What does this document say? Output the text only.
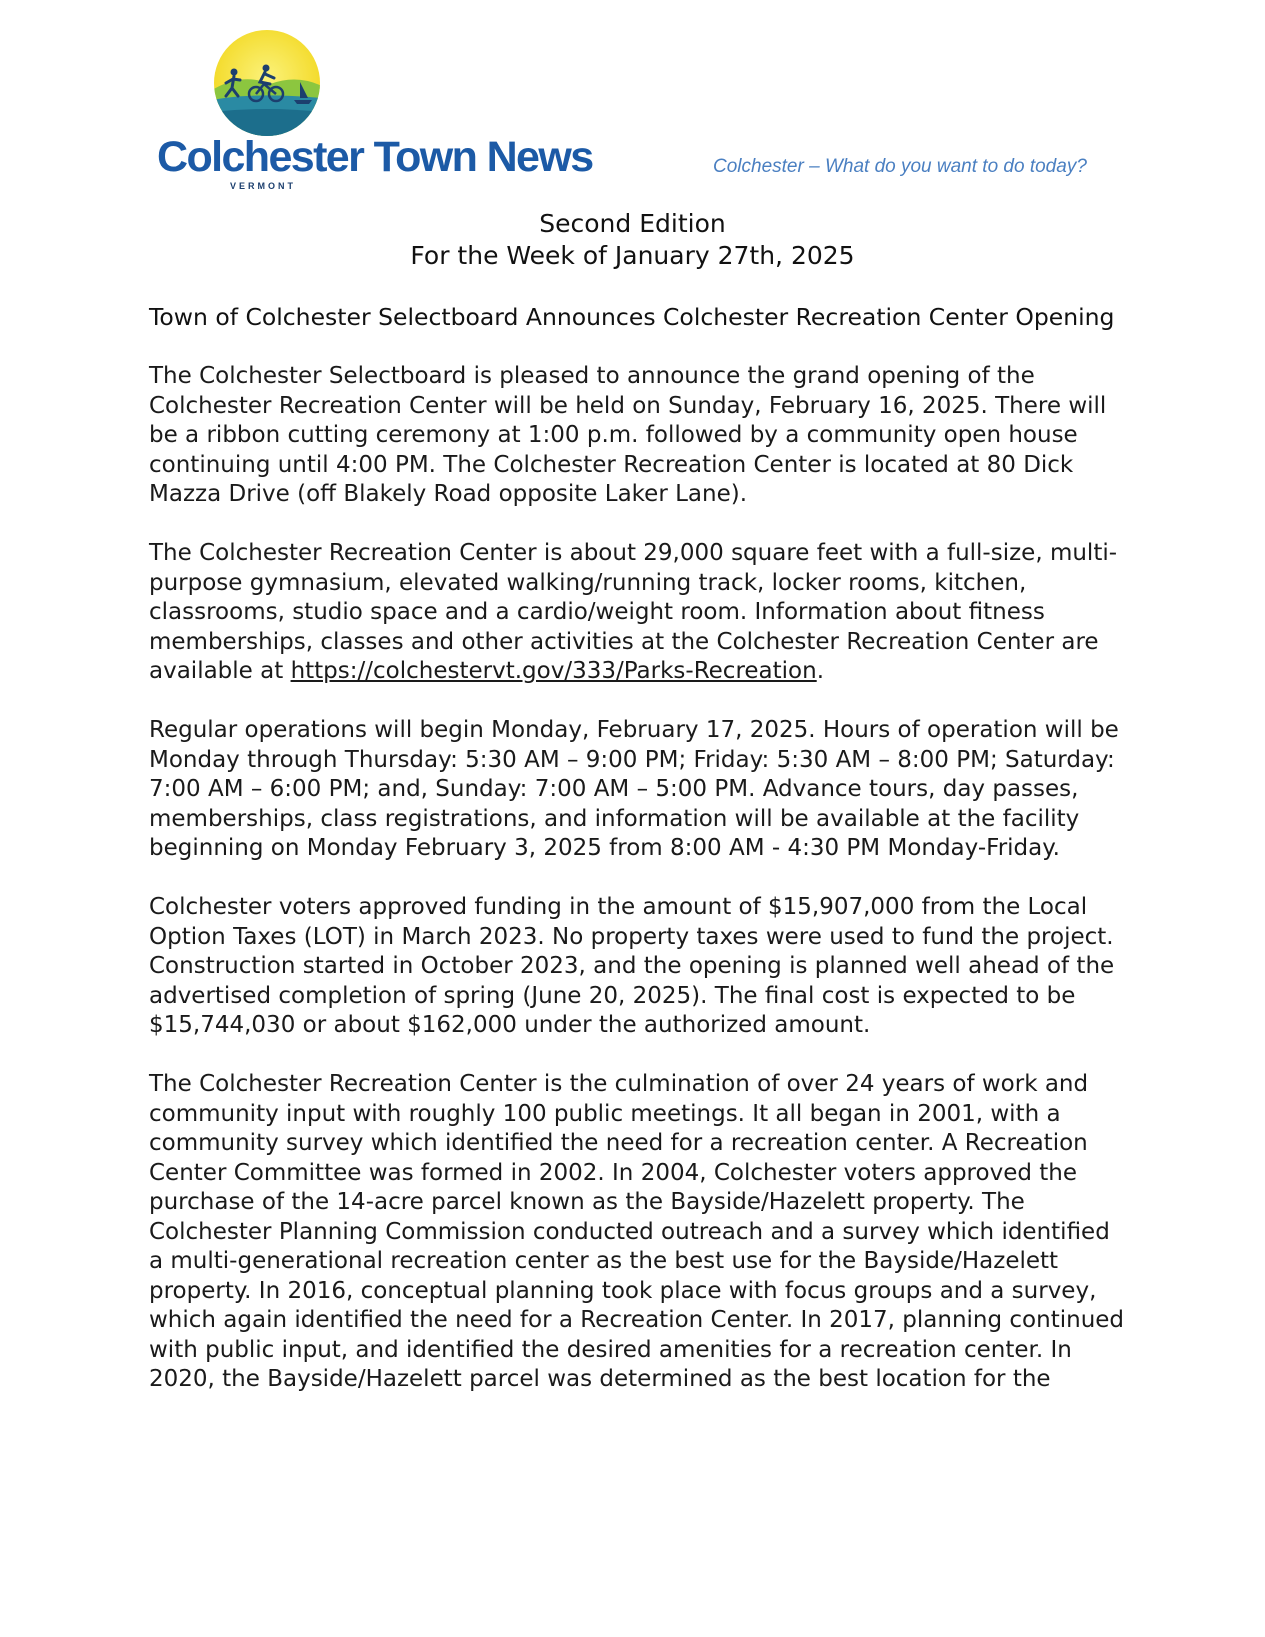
Colchester Town News
VERMONT
Colchester – What do you want to do today?
Second Edition
For the Week of January 27th, 2025
Town of Colchester Selectboard Announces Colchester Recreation Center Opening

The Colchester Selectboard is pleased to announce the grand opening of the Colchester Recreation Center will be held on Sunday, February 16, 2025. There will be a ribbon cutting ceremony at 1:00 p.m. followed by a community open house continuing until 4:00 PM. The Colchester Recreation Center is located at 80 Dick Mazza Drive (off Blakely Road opposite Laker Lane).

The Colchester Recreation Center is about 29,000 square feet with a full-size, multi-purpose gymnasium, elevated walking/running track, locker rooms, kitchen, classrooms, studio space and a cardio/weight room. Information about fitness memberships, classes and other activities at the Colchester Recreation Center are available at https://colchestervt.gov/333/Parks-Recreation.

Regular operations will begin Monday, February 17, 2025. Hours of operation will be Monday through Thursday: 5:30 AM – 9:00 PM; Friday: 5:30 AM – 8:00 PM; Saturday: 7:00 AM – 6:00 PM; and, Sunday: 7:00 AM – 5:00 PM. Advance tours, day passes, memberships, class registrations, and information will be available at the facility beginning on Monday February 3, 2025 from 8:00 AM - 4:30 PM Monday-Friday.

Colchester voters approved funding in the amount of $15,907,000 from the Local Option Taxes (LOT) in March 2023. No property taxes were used to fund the project. Construction started in October 2023, and the opening is planned well ahead of the advertised completion of spring (June 20, 2025). The final cost is expected to be $15,744,030 or about $162,000 under the authorized amount.

The Colchester Recreation Center is the culmination of over 24 years of work and community input with roughly 100 public meetings. It all began in 2001, with a community survey which identified the need for a recreation center. A Recreation Center Committee was formed in 2002. In 2004, Colchester voters approved the purchase of the 14-acre parcel known as the Bayside/Hazelett property. The Colchester Planning Commission conducted outreach and a survey which identified a multi-generational recreation center as the best use for the Bayside/Hazelett property. In 2016, conceptual planning took place with focus groups and a survey, which again identified the need for a Recreation Center. In 2017, planning continued with public input, and identified the desired amenities for a recreation center. In 2020, the Bayside/Hazelett parcel was determined as the best location for the
